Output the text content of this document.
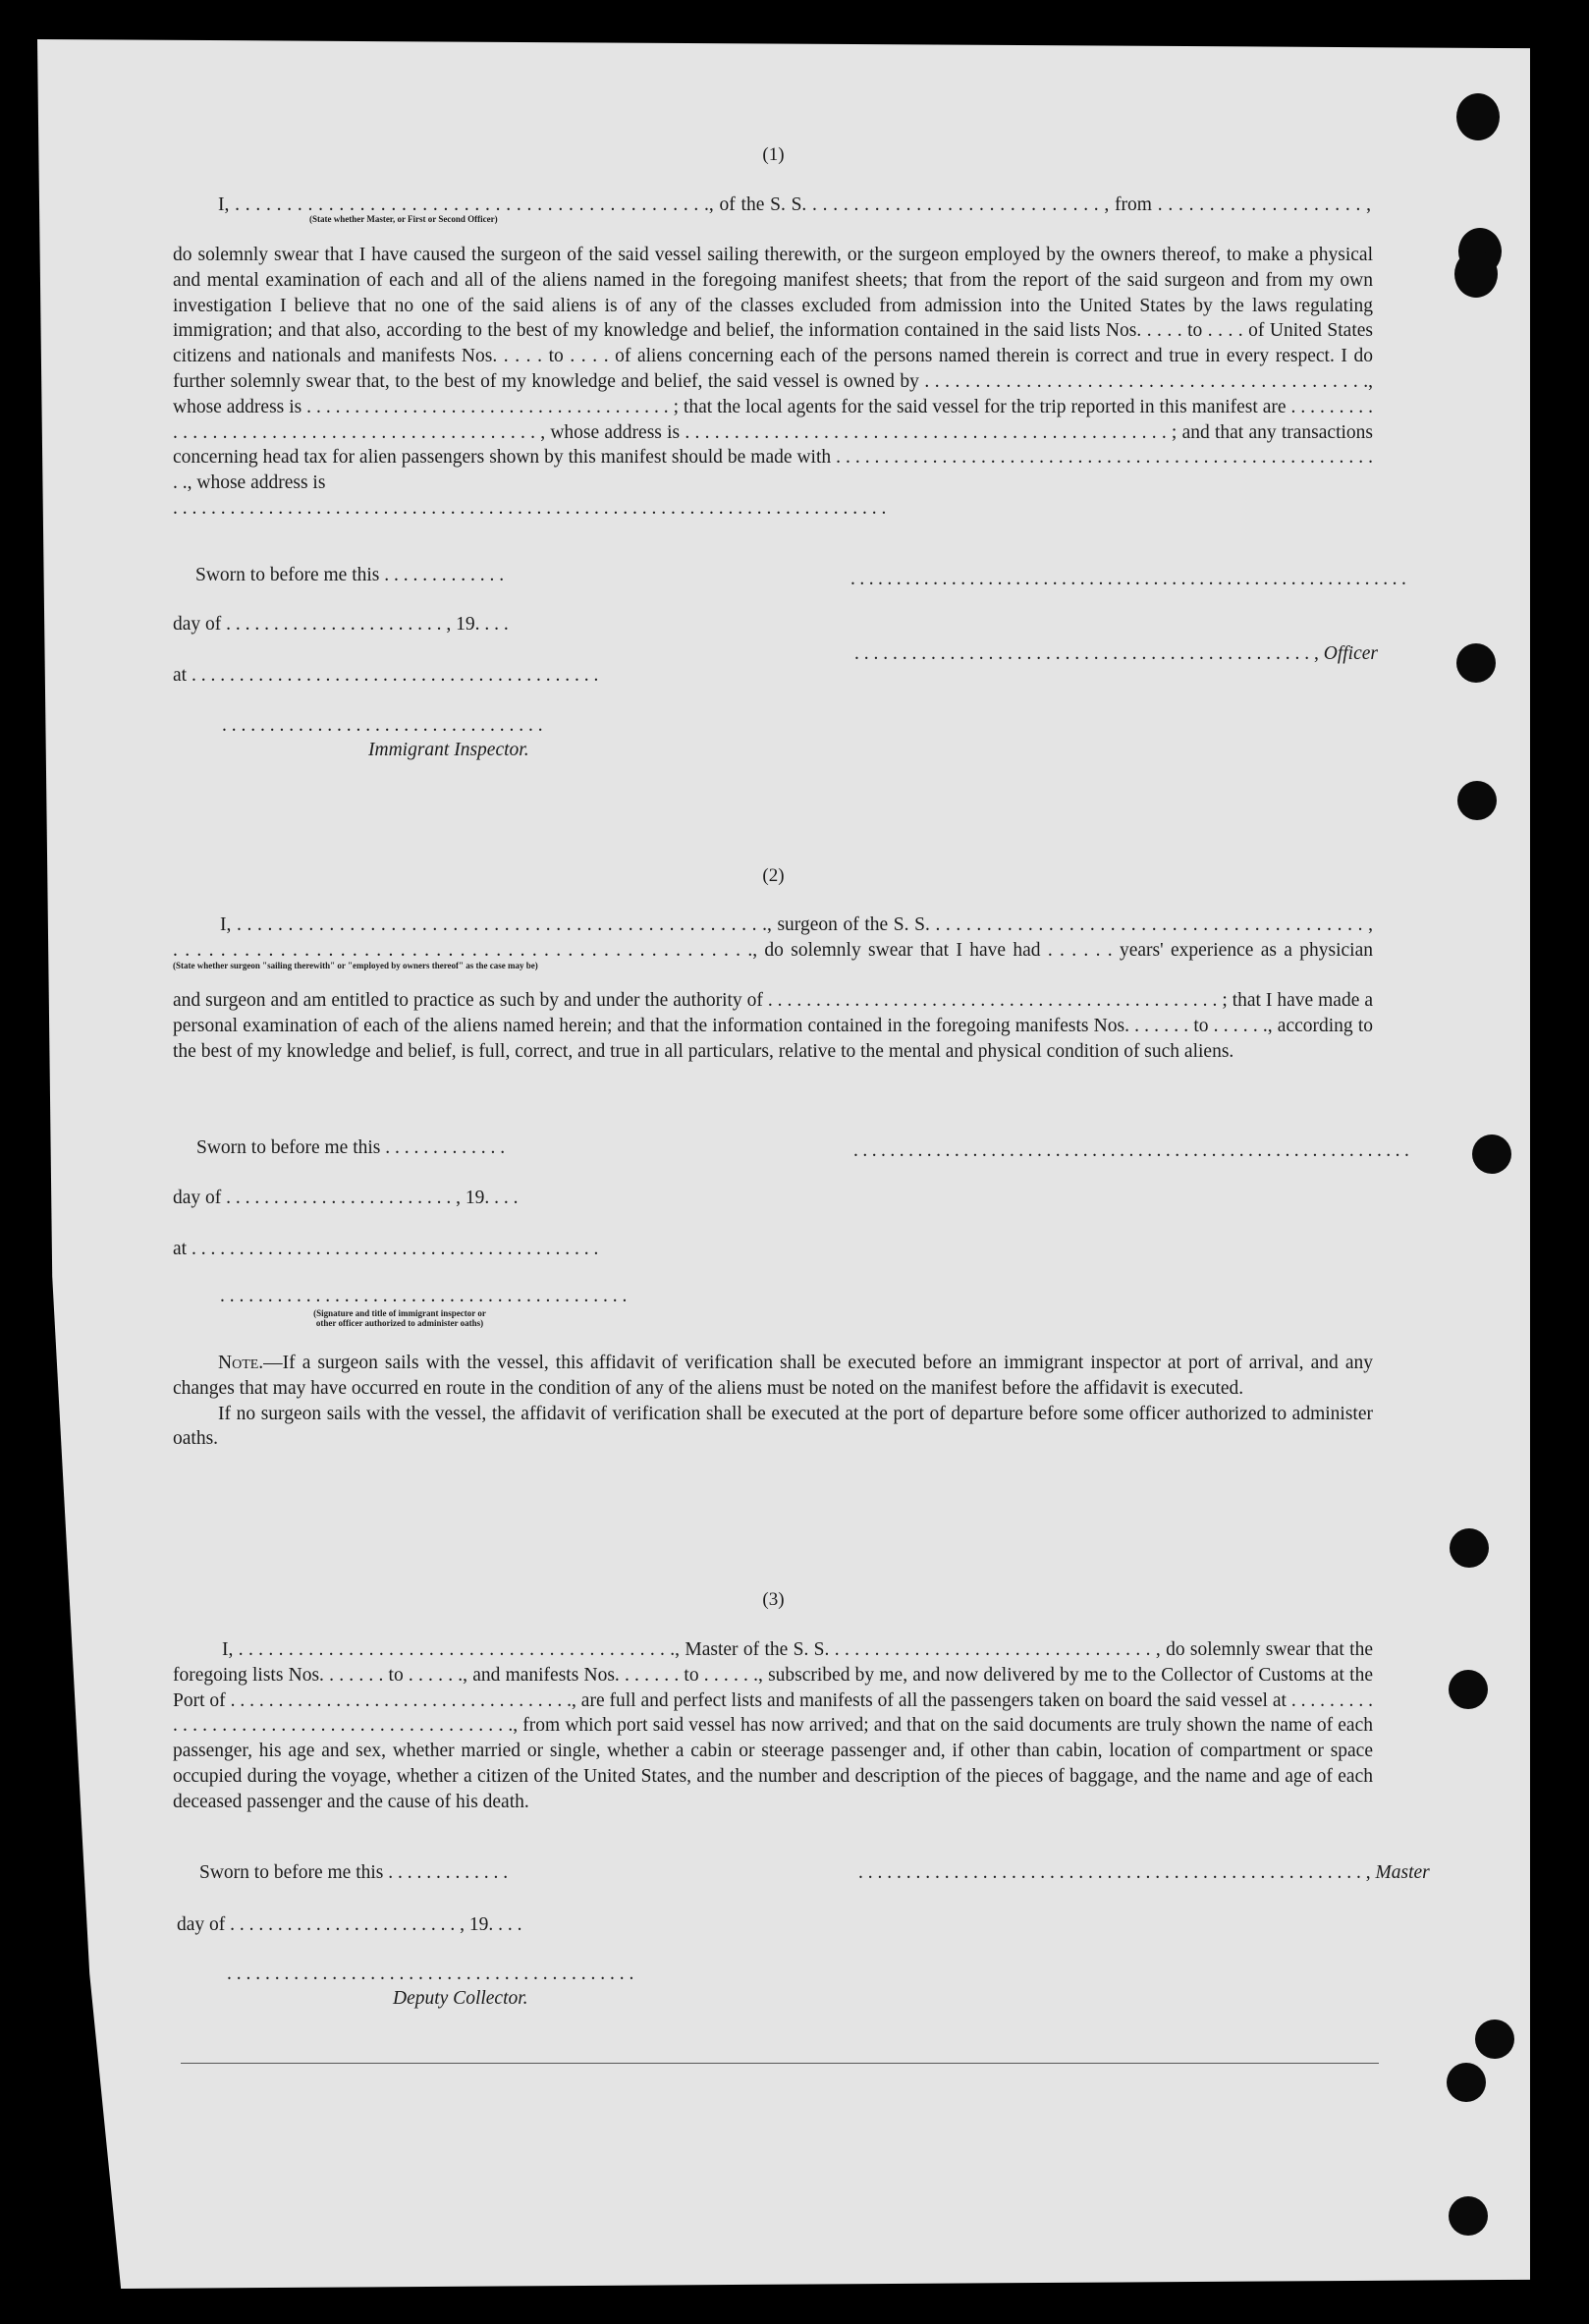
(1)
I, . . . . . . . . . . . . . . . . . . . . . . . . . . . . . . . . . . . . . . . . . . . . . ., of the S. S. . . . . . . . . . . . . . . . . . . . . . . . . . . . . , from . . . . . . . . . . . . . . . . . . . . ,
(State whether Master, or First or Second Officer)

do solemnly swear that I have caused the surgeon of the said vessel sailing therewith, or the surgeon employed by the owners thereof, to make a physical and mental examination of each and all of the aliens named in the foregoing manifest sheets; that from the report of the said surgeon and from my own investigation I believe that no one of the said aliens is of any of the classes excluded from admission into the United States by the laws regulating immigration; and that also, according to the best of my knowledge and belief, the information contained in the said lists Nos. . . . . to . . . . of United States citizens and nationals and manifests Nos. . . . . to . . . . of aliens concerning each of the persons named therein is correct and true in every respect. I do further solemnly swear that, to the best of my knowledge and belief, the said vessel is owned by . . . . . . . . . . . . . . . . . . . . . . . . . . . . . . . . . . . . . . . . . . . ., whose address is . . . . . . . . . . . . . . . . . . . . . . . . . . . . . . . . . . . . . . ; that the local agents for the said vessel for the trip reported in this manifest are . . . . . . . . . . . . . . . . . . . . . . . . . . . . . . . . . . . . . . . . . . . . . . , whose address is . . . . . . . . . . . . . . . . . . . . . . . . . . . . . . . . . . . . . . . . . . . . . . . . . ; and that any transactions concerning head tax for alien passengers shown by this manifest should be made with . . . . . . . . . . . . . . . . . . . . . . . . . . . . . . . . . . . . . . . . . . . . . . . . . . . . . . . . . ., whose address is

. . . . . . . . . . . . . . . . . . . . . . . . . . . . . . . . . . . . . . . . . . . . . . . . . . . . . . . . . . . . . . . . . . . . . . . . . . .

Sworn to before me this . . . . . . . . . . . . .	. . . . . . . . . . . . . . . . . . . . . . . . . . . . . . . . . . . . . . . . . . . . . . . . . . . . . . . . . . . . .
day of . . . . . . . . . . . . . . . . . . . . . . . , 19. . . .
. . . . . . . . . . . . . . . . . . . . . . . . . . . . . . . . . . . . . . . . . . . . . . . . , Officer
at . . . . . . . . . . . . . . . . . . . . . . . . . . . . . . . . . . . . . . . . . . .
. . . . . . . . . . . . . . . . . . . . . . . . . . . . . . . . . .
Immigrant Inspector.
(2)
I, . . . . . . . . . . . . . . . . . . . . . . . . . . . . . . . . . . . . . . . . . . . . . . . . . . . ., surgeon of the S. S. . . . . . . . . . . . . . . . . . . . . . . . . . . . . . . . . . . . . . . . . . . ,
. . . . . . . . . . . . . . . . . . . . . . . . . . . . . . . . . . . . . . . . . . . . . . . . ., do solemnly swear that I have had . . . . . . years' experience as a physician
(State whether surgeon "sailing therewith" or "employed by owners thereof" as the case may be)

and surgeon and am entitled to practice as such by and under the authority of . . . . . . . . . . . . . . . . . . . . . . . . . . . . . . . . . . . . . . . . . . . . . . . ; that I have made a personal examination of each of the aliens named herein; and that the information contained in the foregoing manifests Nos. . . . . . . to . . . . . ., according to the best of my knowledge and belief, is full, correct, and true in all particulars, relative to the mental and physical condition of such aliens.

Sworn to before me this . . . . . . . . . . . . .	. . . . . . . . . . . . . . . . . . . . . . . . . . . . . . . . . . . . . . . . . . . . . . . . . . . . . . . . . . . . .
day of . . . . . . . . . . . . . . . . . . . . . . . . , 19. . . .
at . . . . . . . . . . . . . . . . . . . . . . . . . . . . . . . . . . . . . . . . . . .
. . . . . . . . . . . . . . . . . . . . . . . . . . . . . . . . . . . . . . . . . . .
(Signature and title of immigrant inspector or
other officer authorized to administer oaths)

Note.—If a surgeon sails with the vessel, this affidavit of verification shall be executed before an immigrant inspector at port of arrival, and any changes that may have occurred en route in the condition of any of the aliens must be noted on the manifest before the affidavit is executed.

If no surgeon sails with the vessel, the affidavit of verification shall be executed at the port of departure before some officer authorized to administer oaths.

(3)

I, . . . . . . . . . . . . . . . . . . . . . . . . . . . . . . . . . . . . . . . . . . . ., Master of the S. S. . . . . . . . . . . . . . . . . . . . . . . . . . . . . . . . . , do solemnly swear that the foregoing lists Nos. . . . . . . to . . . . . ., and manifests Nos. . . . . . . to . . . . . ., subscribed by me, and now delivered by me to the Collector of Customs at the Port of . . . . . . . . . . . . . . . . . . . . . . . . . . . . . . . . . . . ., are full and perfect lists and manifests of all the passengers taken on board the said vessel at . . . . . . . . . . . . . . . . . . . . . . . . . . . . . . . . . . . . . . . . . . . ., from which port said vessel has now arrived; and that on the said documents are truly shown the name of each passenger, his age and sex, whether married or single, whether a cabin or steerage passenger and, if other than cabin, location of compartment or space occupied during the voyage, whether a citizen of the United States, and the number and description of the pieces of baggage, and the name and age of each deceased passenger and the cause of his death.

Sworn to before me this . . . . . . . . . . . . .	. . . . . . . . . . . . . . . . . . . . . . . . . . . . . . . . . . . . . . . . . . . . . . . . . . . . . , Master
day of . . . . . . . . . . . . . . . . . . . . . . . . , 19. . . .
. . . . . . . . . . . . . . . . . . . . . . . . . . . . . . . . . . . . . . . . . . .
Deputy Collector.
